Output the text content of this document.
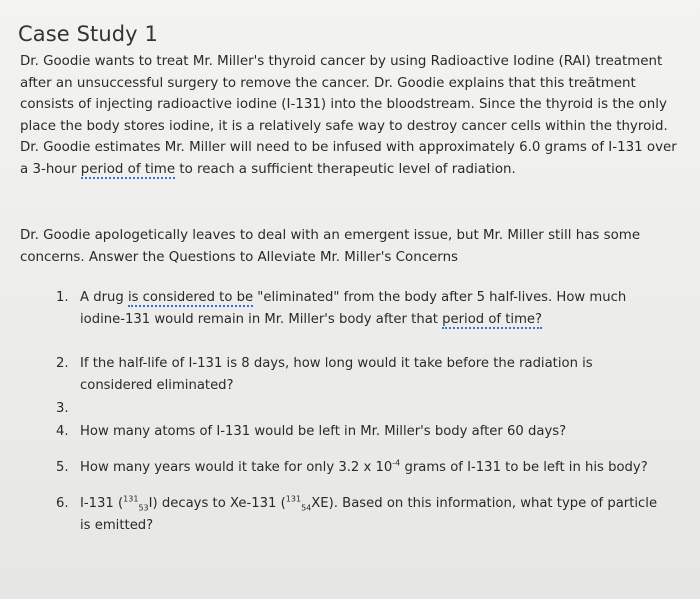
Case Study 1

Dr. Goodie wants to treat Mr. Miller's thyroid cancer by using Radioactive Iodine (RAI) treatment after an unsuccessful surgery to remove the cancer. Dr. Goodie explains that this treătment consists of injecting radioactive iodine (I-131) into the bloodstream. Since the thyroid is the only place the body stores iodine, it is a relatively safe way to destroy cancer cells within the thyroid. Dr. Goodie estimates Mr. Miller will need to be infused with approximately 6.0 grams of I-131 over a 3-hour period of time to reach a sufficient therapeutic level of radiation.

Dr. Goodie apologetically leaves to deal with an emergent issue, but Mr. Miller still has some concerns. Answer the Questions to Alleviate Mr. Miller's Concerns

1. A drug is considered to be "eliminated" from the body after 5 half-lives. How much iodine-131 would remain in Mr. Miller's body after that period of time?
2. If the half-life of I-131 is 8 days, how long would it take before the radiation is considered eliminated?
3.
4. How many atoms of I-131 would be left in Mr. Miller's body after 60 days?
5. How many years would it take for only 3.2 x $10^{-4}$ grams of I-131 to be left in his body?
6. I-131 ($^{131}_{53}$I) decays to Xe-131 ($^{131}_{54}$XE). Based on this information, what type of particle is emitted?
